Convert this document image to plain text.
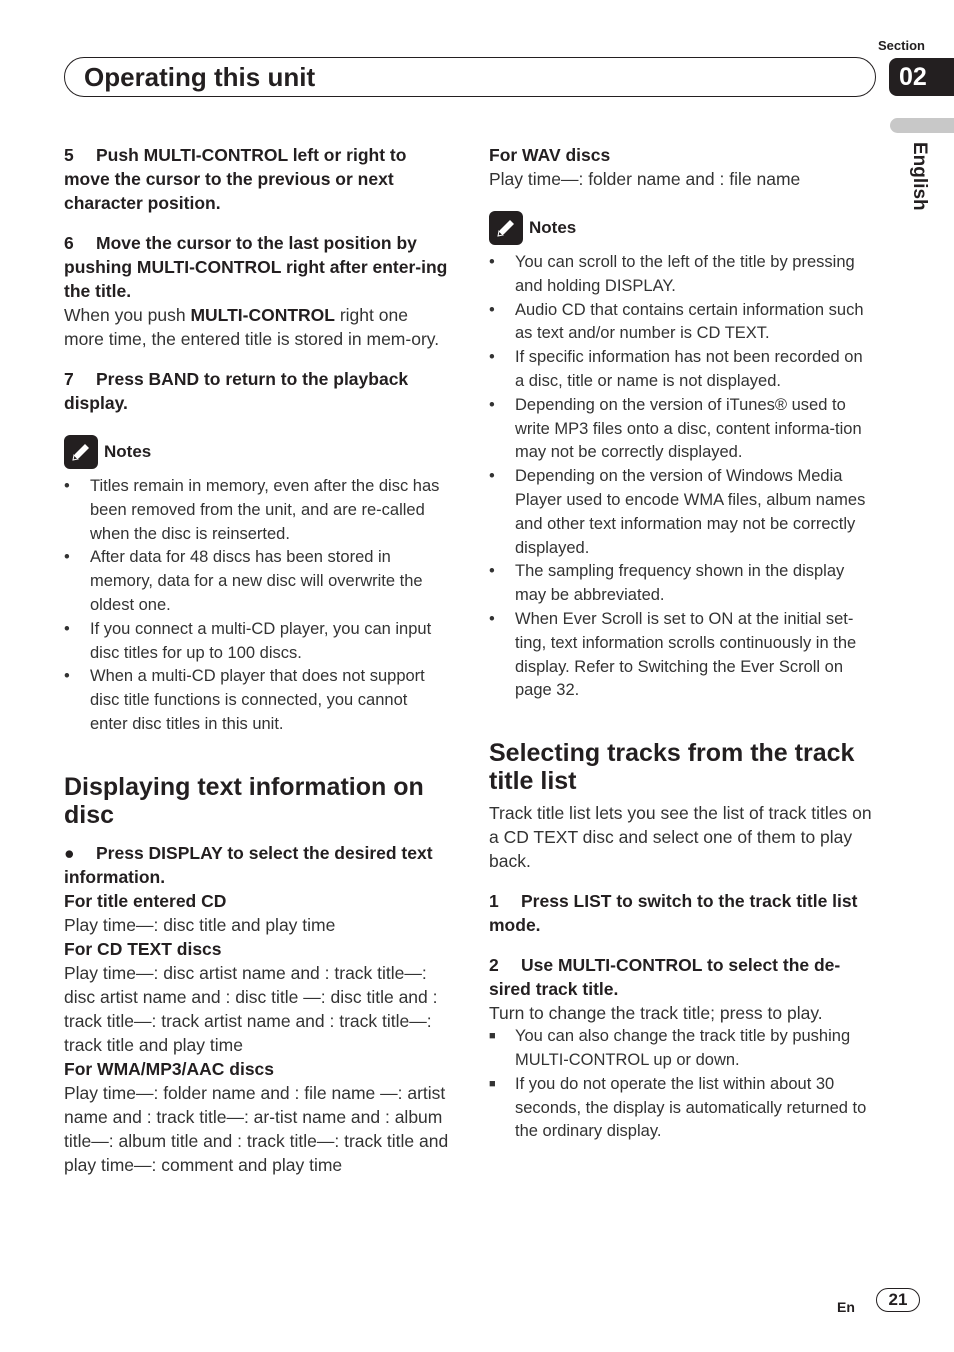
Section
02
Operating this unit
English
5 Push MULTI-CONTROL left or right to move the cursor to the previous or next character position.
6 Move the cursor to the last position by pushing MULTI-CONTROL right after enter-ing the title.

When you push MULTI-CONTROL right one more time, the entered title is stored in mem-ory.

7 Press BAND to return to the playback display.
Notes
• Titles remain in memory, even after the disc has been removed from the unit, and are re-called when the disc is reinserted.
• After data for 48 discs has been stored in memory, data for a new disc will overwrite the oldest one.
• If you connect a multi-CD player, you can input disc titles for up to 100 discs.
• When a multi-CD player that does not support disc title functions is connected, you cannot enter disc titles in this unit.
Displaying text information on disc
● Press DISPLAY to select the desired text information.
For title entered CD

Play time—: disc title and play time

For CD TEXT discs

Play time—: disc artist name and : track title—: disc artist name and : disc title —: disc title and : track title—: track artist name and : track title—: track title and play time

For WMA/MP3/AAC discs

Play time—: folder name and : file name —: artist name and : track title—: ar-tist name and : album title—: album title and : track title—: track title and play time—: comment and play time

For WAV discs

Play time—: folder name and : file name

Notes
• You can scroll to the left of the title by pressing and holding DISPLAY.
• Audio CD that contains certain information such as text and/or number is CD TEXT.
• If specific information has not been recorded on a disc, title or name is not displayed.
• Depending on the version of iTunes® used to write MP3 files onto a disc, content informa-tion may not be correctly displayed.
• Depending on the version of Windows Media Player used to encode WMA files, album names and other text information may not be correctly displayed.
• The sampling frequency shown in the display may be abbreviated.
• When Ever Scroll is set to ON at the initial set-ting, text information scrolls continuously in the display. Refer to Switching the Ever Scroll on page 32.
Selecting tracks from the track title list

Track title list lets you see the list of track titles on a CD TEXT disc and select one of them to play back.

1 Press LIST to switch to the track title list mode.
2 Use MULTI-CONTROL to select the de-sired track title.

Turn to change the track title; press to play.

■ You can also change the track title by pushing MULTI-CONTROL up or down.
■ If you do not operate the list within about 30 seconds, the display is automatically returned to the ordinary display.
En	21
